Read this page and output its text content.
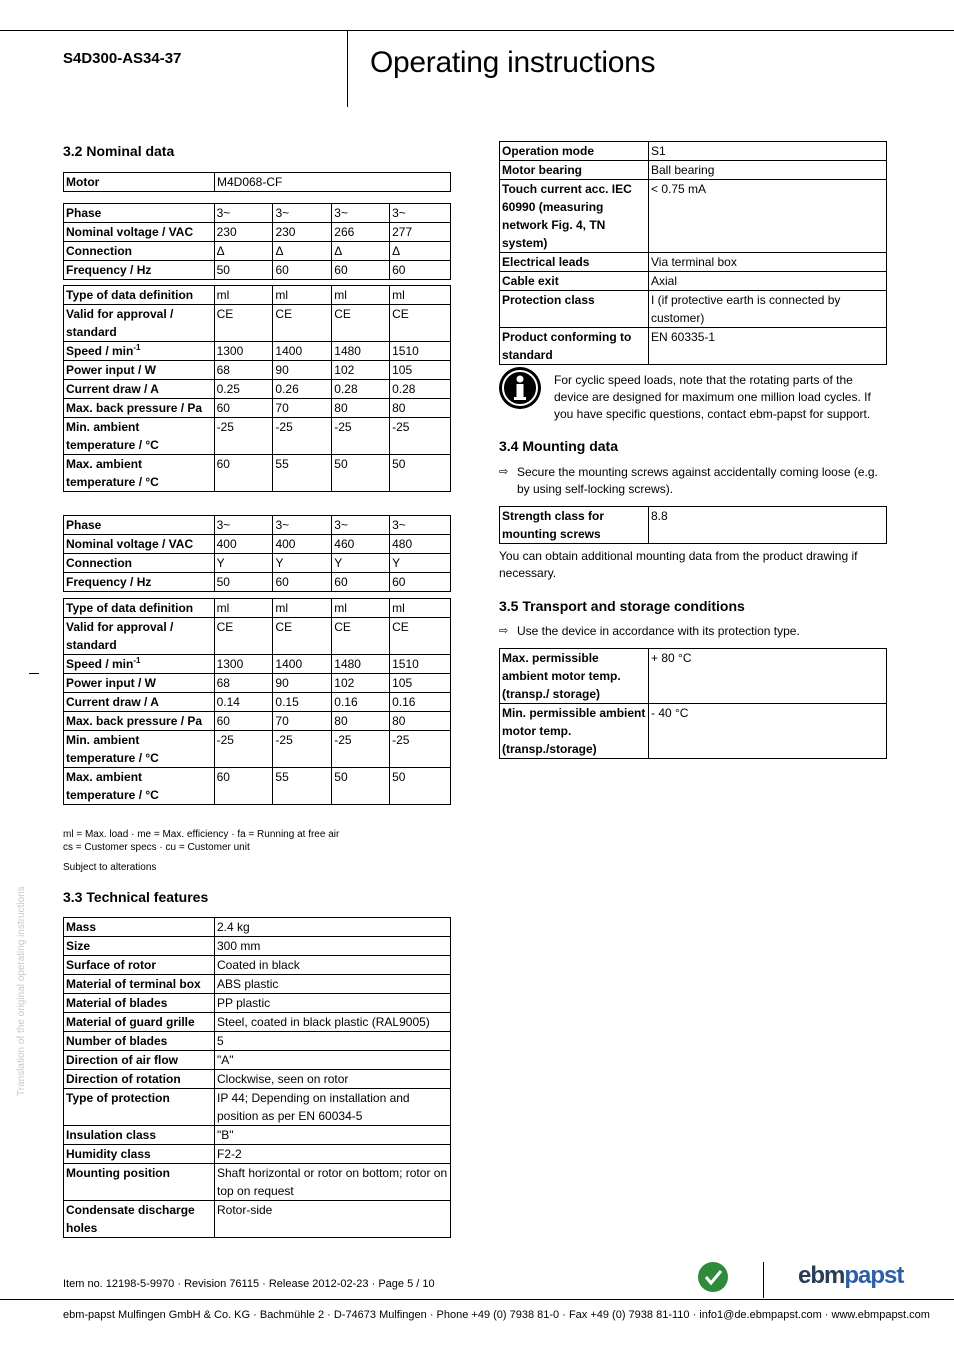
S4D300-AS34-37	Operating instructions
Translation of the original operating instructions
3.2 Nominal data
Motor	M4D068-CF
Phase	3~	3~	3~	3~
Nominal voltage / VAC	230	230	266	277
Connection	Δ	Δ	Δ	Δ
Frequency / Hz	50	60	60	60
Type of data definition	ml	ml	ml	ml
Valid for approval / standard	CE	CE	CE	CE
Speed / $\min^{-1}$	1300	1400	1480	1510
Power input / W	68	90	102	105
Current draw / A	0.25	0.26	0.28	0.28
Max. back pressure / Pa	60	70	80	80
Min. ambient temperature / °C	-25	-25	-25	-25
Max. ambient temperature / °C	60	55	50	50
Phase	3~	3~	3~	3~
Nominal voltage / VAC	400	400	460	480
Connection	Y	Y	Y	Y
Frequency / Hz	50	60	60	60
Type of data definition	ml	ml	ml	ml
Valid for approval / standard	CE	CE	CE	CE
Speed / $\min^{-1}$	1300	1400	1480	1510
Power input / W	68	90	102	105
Current draw / A	0.14	0.15	0.16	0.16
Max. back pressure / Pa	60	70	80	80
Min. ambient temperature / °C	-25	-25	-25	-25
Max. ambient temperature / °C	60	55	50	50
ml = Max. load · me = Max. efficiency · fa = Running at free air
cs = Customer specs · cu = Customer unit
Subject to alterations
3.3 Technical features
Mass	2.4 kg
Size	300 mm
Surface of rotor	Coated in black
Material of terminal box	ABS plastic
Material of blades	PP plastic
Material of guard grille	Steel, coated in black plastic (RAL9005)
Number of blades	5
Direction of air flow	"A"
Direction of rotation	Clockwise, seen on rotor
Type of protection	IP 44; Depending on installation and position as per EN 60034-5
Insulation class	"B"
Humidity class	F2-2
Mounting position	Shaft horizontal or rotor on bottom; rotor on top on request
Condensate discharge holes	Rotor-side
Operation mode	S1
Motor bearing	Ball bearing
Touch current acc. IEC 60990 (measuring network Fig. 4, TN system)	< 0.75 mA
Electrical leads	Via terminal box
Cable exit	Axial
Protection class	I (if protective earth is connected by customer)
Product conforming to standard	EN 60335-1
For cyclic speed loads, note that the rotating parts of the device are designed for maximum one million load cycles. If you have specific questions, contact ebm-papst for support.
3.4 Mounting data
⇨ Secure the mounting screws against accidentally coming loose (e.g. by using self-locking screws).
Strength class for mounting screws	8.8
You can obtain additional mounting data from the product drawing if necessary.
3.5 Transport and storage conditions
⇨ Use the device in accordance with its protection type.
Max. permissible ambient motor temp. (transp./ storage)	+ 80 °C
Min. permissible ambient motor temp. (transp./storage)	- 40 °C
Item no. 12198-5-9970 · Revision 76115 · Release 2012-02-23 · Page 5 / 10	ebmpapst
ebm-papst Mulfingen GmbH & Co. KG · Bachmühle 2 · D-74673 Mulfingen · Phone +49 (0) 7938 81-0 · Fax +49 (0) 7938 81-110 · info1@de.ebmpapst.com · www.ebmpapst.com
